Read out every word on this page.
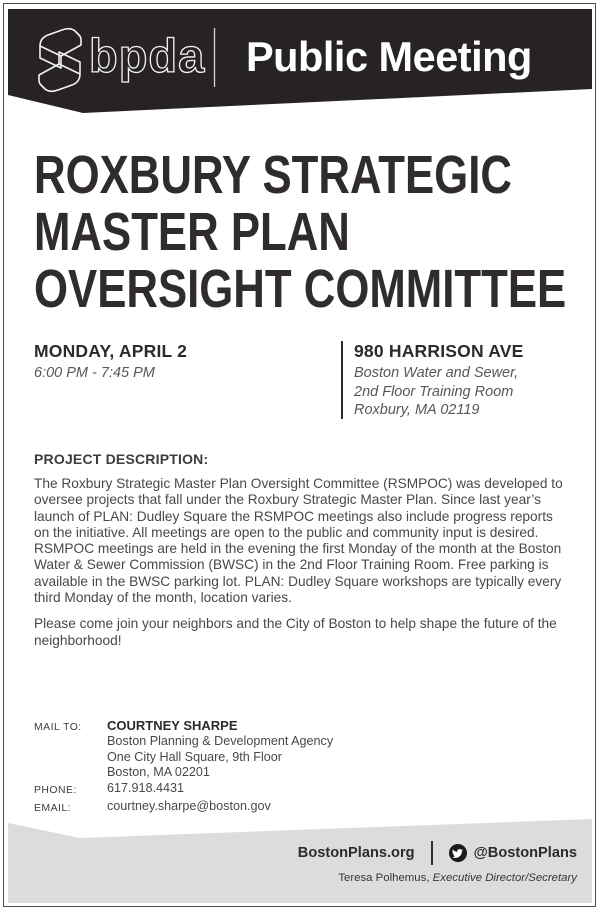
bpda Public Meeting
ROXBURY STRATEGIC
MASTER PLAN
OVERSIGHT COMMITTEE
MONDAY, APRIL 2
6:00 PM - 7:45 PM
980 HARRISON AVE
Boston Water and Sewer,
2nd Floor Training Room
Roxbury, MA 02119
PROJECT DESCRIPTION:

The Roxbury Strategic Master Plan Oversight Committee (RSMPOC) was developed to oversee projects that fall under the Roxbury Strategic Master Plan. Since last year’s launch of PLAN: Dudley Square the RSMPOC meetings also include progress reports on the initiative. All meetings are open to the public and community input is desired. RSMPOC meetings are held in the evening the first Monday of the month at the Boston Water & Sewer Commission (BWSC) in the 2nd Floor Training Room. Free parking is available in the BWSC parking lot. PLAN: Dudley Square workshops are typically every third Monday of the month, location varies.

Please come join your neighbors and the City of Boston to help shape the future of the neighborhood!

MAIL TO:	COURTNEY SHARPE
Boston Planning & Development Agency
One City Hall Square, 9th Floor
Boston, MA 02201
PHONE:	617.918.4431
EMAIL:	courtney.sharpe@boston.gov
BostonPlans.org	@BostonPlans
Teresa Polhemus, Executive Director/Secretary
